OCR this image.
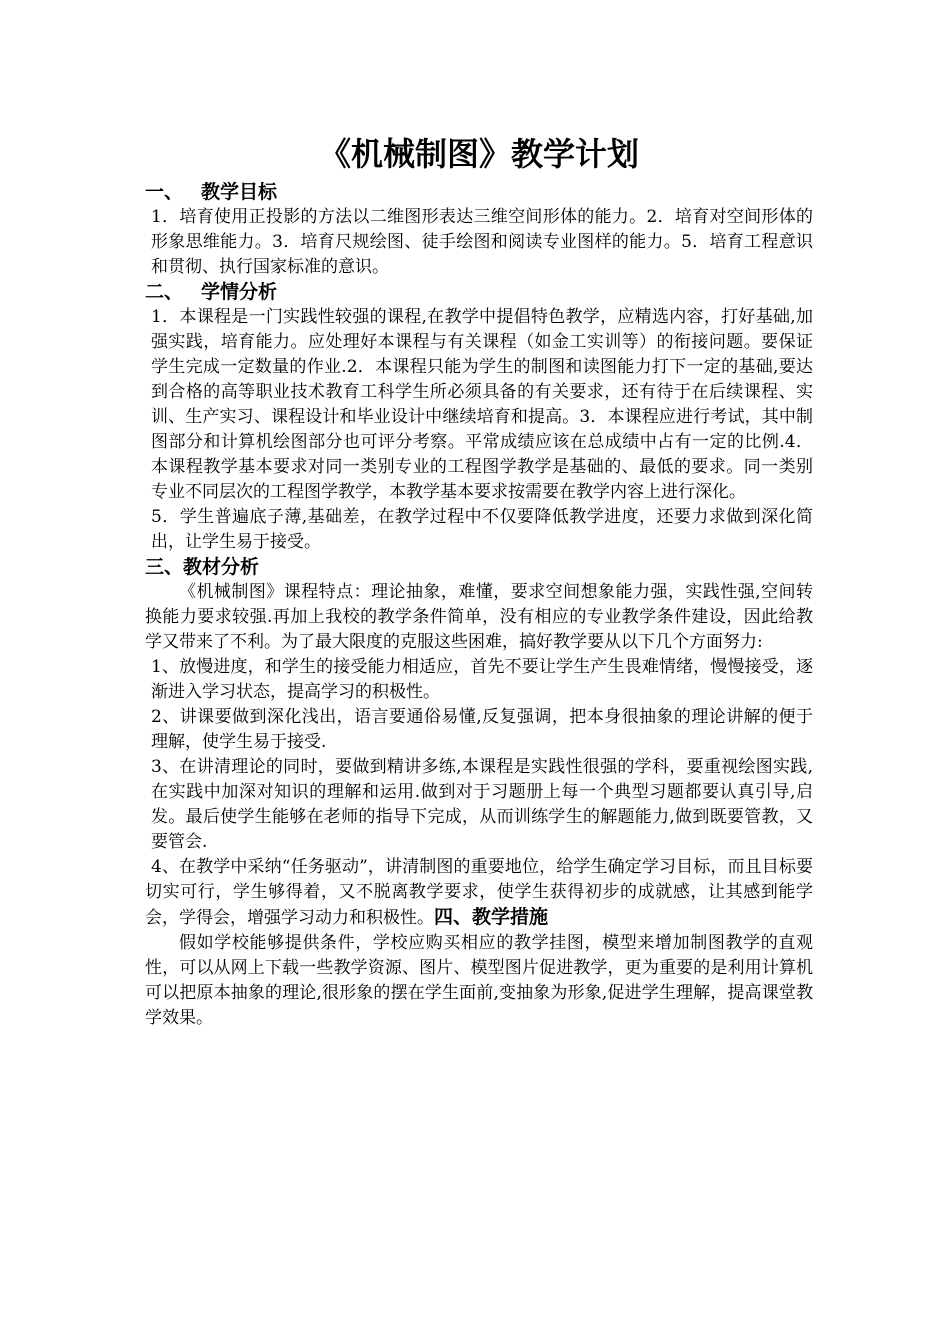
《机械制图》教学计划
一、 教学目标

1．培育使用正投影的方法以二维图形表达三维空间形体的能力。2．培育对空间形体的形象思维能力。3．培育尺规绘图、徒手绘图和阅读专业图样的能力。5．培育工程意识和贯彻、执行国家标准的意识。

二、 学情分析

1．本课程是一门实践性较强的课程,在教学中提倡特色教学，应精选内容，打好基础,加强实践，培育能力。应处理好本课程与有关课程（如金工实训等）的衔接问题。要保证学生完成一定数量的作业.2．本课程只能为学生的制图和读图能力打下一定的基础,要达到合格的高等职业技术教育工科学生所必须具备的有关要求，还有待于在后续课程、实训、生产实习、课程设计和毕业设计中继续培育和提高。3．本课程应进行考试，其中制图部分和计算机绘图部分也可评分考察。平常成绩应该在总成绩中占有一定的比例.4．本课程教学基本要求对同一类别专业的工程图学教学是基础的、最低的要求。同一类别专业不同层次的工程图学教学，本教学基本要求按需要在教学内容上进行深化。

5．学生普遍底子薄,基础差，在教学过程中不仅要降低教学进度，还要力求做到深化简出，让学生易于接受。

三、教材分析

《机械制图》课程特点：理论抽象，难懂，要求空间想象能力强，实践性强,空间转换能力要求较强.再加上我校的教学条件简单，没有相应的专业教学条件建设，因此给教学又带来了不利。为了最大限度的克服这些困难，搞好教学要从以下几个方面努力:

1、放慢进度，和学生的接受能力相适应，首先不要让学生产生畏难情绪，慢慢接受，逐渐进入学习状态，提高学习的积极性。

2、讲课要做到深化浅出，语言要通俗易懂,反复强调，把本身很抽象的理论讲解的便于理解，使学生易于接受.

3、在讲清理论的同时，要做到精讲多练,本课程是实践性很强的学科，要重视绘图实践,在实践中加深对知识的理解和运用.做到对于习题册上每一个典型习题都要认真引导,启发。最后使学生能够在老师的指导下完成，从而训练学生的解题能力,做到既要管教，又要管会.

4、在教学中采纳“任务驱动”，讲清制图的重要地位，给学生确定学习目标，而且目标要切实可行，学生够得着，又不脱离教学要求，使学生获得初步的成就感，让其感到能学会，学得会，增强学习动力和积极性。四、教学措施

假如学校能够提供条件，学校应购买相应的教学挂图，模型来增加制图教学的直观性，可以从网上下载一些教学资源、图片、模型图片促进教学，更为重要的是利用计算机可以把原本抽象的理论,很形象的摆在学生面前,变抽象为形象,促进学生理解，提高课堂教学效果。
